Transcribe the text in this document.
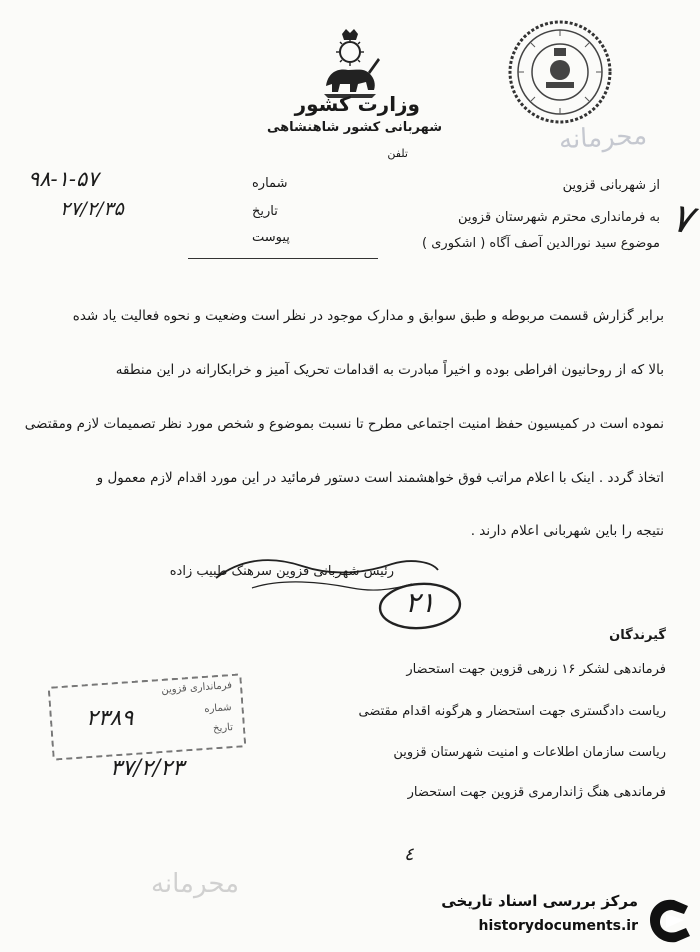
وزارت کشور
شهربانی کشور شاهنشاهی
تلفن	محرمانه
شماره
تاریخ
پیوست
۹۸-۱-۵۷
۲۷/۲/۳۵
از شهربانی قزوین
به فرمانداری محترم شهرستان قزوین
موضوع سید نورالدین آصف آگاه ( اشکوری )
۷
برابر گزارش قسمت مربوطه و طبق سوابق و مدارک موجود در نظر است وضعیت و نحوه فعالیت یاد شده
بالا که از روحانیون افراطی بوده و اخیراً مبادرت به اقدامات تحریک آمیز و خرابکارانه در این منطقه
نموده است در کمیسیون حفظ امنیت اجتماعی مطرح تا نسبت بموضوع و شخص مورد نظر تصمیمات لازم ومقتضی
اتخاذ گردد . اینک با اعلام مراتب فوق خواهشمند است دستور فرمائید در این مورد اقدام لازم معمول و
نتیجه را باین شهربانی اعلام دارند .
رئیس شهربانی قزوین سرهنگ طبیب زاده
۲۱
گیرندگان
فرماندهی لشکر ۱۶ زرهی قزوین جهت استحضار
ریاست دادگستری جهت استحضار و هرگونه اقدام مقتضی
ریاست سازمان اطلاعات و امنیت شهرستان قزوین
فرماندهی هنگ ژاندارمری قزوین جهت استحضار
فرمانداری قزوین
شماره
تاریخ
۲۳۸۹
۳۷/۲/۲۳
٤
محرمانه
مرکز بررسی اسناد تاریخی
historydocuments.ir
